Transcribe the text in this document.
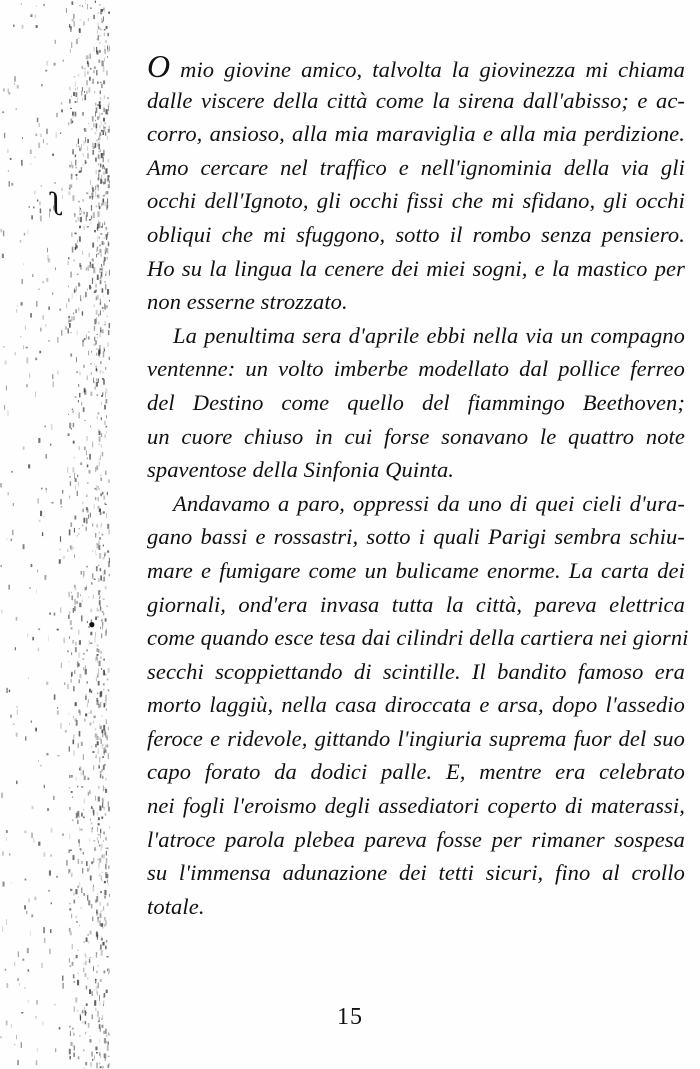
ʅ
•
O mio giovine amico, talvolta la giovinezza mi chiama
dalle viscere della città come la sirena dall'abisso; e ac-
corro, ansioso, alla mia maraviglia e alla mia perdizione.
Amo cercare nel traffico e nell'ignominia della via gli
occhi dell'Ignoto, gli occhi fissi che mi sfidano, gli occhi
obliqui che mi sfuggono, sotto il rombo senza pensiero.
Ho su la lingua la cenere dei miei sogni, e la mastico per
non esserne strozzato.
La penultima sera d'aprile ebbi nella via un compagno
ventenne: un volto imberbe modellato dal pollice ferreo
del Destino come quello del fiammingo Beethoven;
un cuore chiuso in cui forse sonavano le quattro note
spaventose della Sinfonia Quinta.
Andavamo a paro, oppressi da uno di quei cieli d'ura-
gano bassi e rossastri, sotto i quali Parigi sembra schiu-
mare e fumigare come un bulicame enorme. La carta dei
giornali, ond'era invasa tutta la città, pareva elettrica
come quando esce tesa dai cilindri della cartiera nei giorni
secchi scoppiettando di scintille. Il bandito famoso era
morto laggiù, nella casa diroccata e arsa, dopo l'assedio
feroce e ridevole, gittando l'ingiuria suprema fuor del suo
capo forato da dodici palle. E, mentre era celebrato
nei fogli l'eroismo degli assediatori coperto di materassi,
l'atroce parola plebea pareva fosse per rimaner sospesa
su l'immensa adunazione dei tetti sicuri, fino al crollo
totale.
15
